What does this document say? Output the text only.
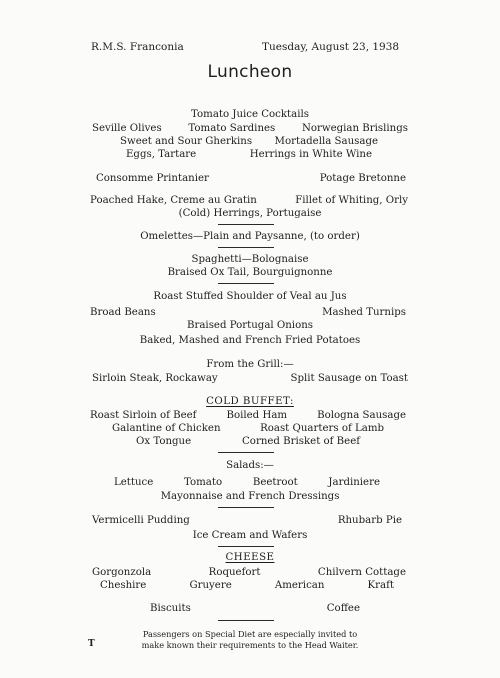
R.M.S. Franconia	Tuesday, August 23, 1938
Luncheon
Tomato Juice Cocktails
Seville Olives	Tomato Sardines	Norwegian Brislings
Sweet and Sour Gherkins Mortadella Sausage
Eggs, Tartare	Herrings in White Wine
Consomme Printanier	Potage Bretonne
Poached Hake, Creme au Gratin	Fillet of Whiting, Orly
(Cold) Herrings, Portugaise
Omelettes—Plain and Paysanne, (to order)
Spaghetti—Bolognaise
Braised Ox Tail, Bourguignonne
Roast Stuffed Shoulder of Veal au Jus
Broad Beans	Mashed Turnips
Braised Portugal Onions
Baked, Mashed and French Fried Potatoes
From the Grill:—
Sirloin Steak, Rockaway	Split Sausage on Toast
COLD BUFFET:
Roast Sirloin of Beef	Boiled Ham	Bologna Sausage
Galantine of Chicken	Roast Quarters of Lamb
Ox Tongue	Corned Brisket of Beef
Salads:—
Lettuce	Tomato	Beetroot	Jardiniere
Mayonnaise and French Dressings
Vermicelli Pudding	Rhubarb Pie
Ice Cream and Wafers
CHEESE
Gorgonzola	Roquefort	Chilvern Cottage
Cheshire	Gruyere	American	Kraft
Biscuits	Coffee
Passengers on Special Diet are especially invited to
make known their requirements to the Head Waiter.
T
